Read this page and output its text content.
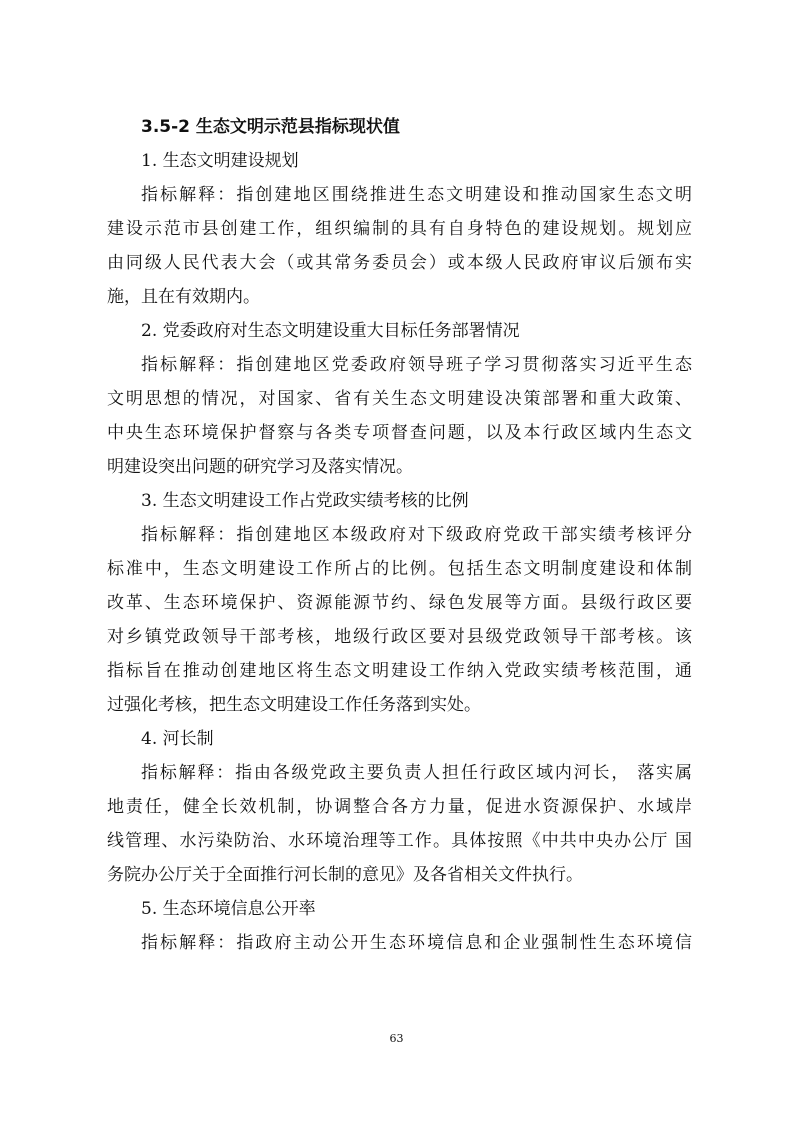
3.5-2 生态文明示范县指标现状值

1. 生态文明建设规划

指标解释：指创建地区围绕推进生态文明建设和推动国家生态文明
建设示范市县创建工作，组织编制的具有自身特色的建设规划。规划应
由同级人民代表大会（或其常务委员会）或本级人民政府审议后颁布实
施，且在有效期内。

2. 党委政府对生态文明建设重大目标任务部署情况

指标解释：指创建地区党委政府领导班子学习贯彻落实习近平生态
文明思想的情况，对国家、省有关生态文明建设决策部署和重大政策、
中央生态环境保护督察与各类专项督查问题，以及本行政区域内生态文
明建设突出问题的研究学习及落实情况。

3. 生态文明建设工作占党政实绩考核的比例

指标解释：指创建地区本级政府对下级政府党政干部实绩考核评分
标准中，生态文明建设工作所占的比例。包括生态文明制度建设和体制
改革、生态环境保护、资源能源节约、绿色发展等方面。县级行政区要
对乡镇党政领导干部考核，地级行政区要对县级党政领导干部考核。该
指标旨在推动创建地区将生态文明建设工作纳入党政实绩考核范围，通
过强化考核，把生态文明建设工作任务落到实处。

4. 河长制

指标解释：指由各级党政主要负责人担任行政区域内河长， 落实属
地责任，健全长效机制，协调整合各方力量，促进水资源保护、水域岸
线管理、水污染防治、水环境治理等工作。具体按照《中共中央办公厅 国
务院办公厅关于全面推行河长制的意见》及各省相关文件执行。

5. 生态环境信息公开率

指标解释：指政府主动公开生态环境信息和企业强制性生态环境信
63
